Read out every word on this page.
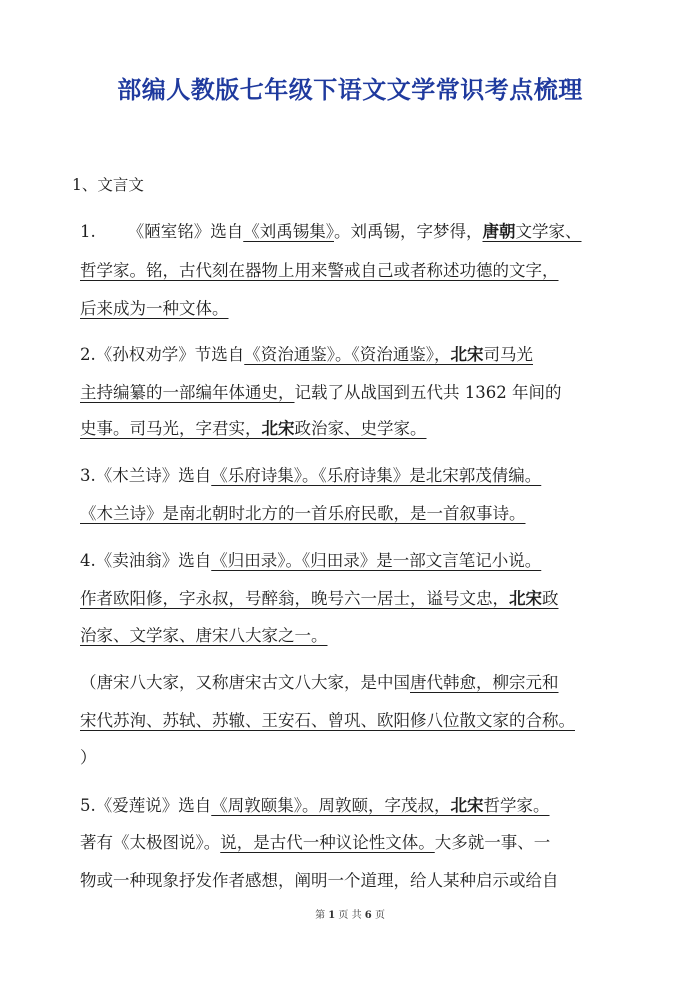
部编人教版七年级下语文文学常识考点梳理
1、文言文
1. 《陋室铭》选自《刘禹锡集》。刘禹锡，字梦得，唐朝文学家、
哲学家。铭，古代刻在器物上用来警戒自己或者称述功德的文字，
后来成为一种文体。
2.《孙权劝学》节选自《资治通鉴》。《资治通鉴》，北宋司马光
主持编纂的一部编年体通史，记载了从战国到五代共 1362 年间的
史事。司马光，字君实，北宋政治家、史学家。
3.《木兰诗》选自《乐府诗集》。《乐府诗集》是北宋郭茂倩编。
《木兰诗》是南北朝时北方的一首乐府民歌，是一首叙事诗。
4.《卖油翁》选自《归田录》。《归田录》是一部文言笔记小说。
作者欧阳修，字永叔，号醉翁，晚号六一居士，谥号文忠，北宋政
治家、文学家、唐宋八大家之一。
（唐宋八大家，又称唐宋古文八大家，是中国唐代韩愈，柳宗元和
宋代苏洵、苏轼、苏辙、王安石、曾巩、欧阳修八位散文家的合称。
）
5.《爱莲说》选自《周敦颐集》。周敦颐，字茂叔，北宋哲学家。
著有《太极图说》。说，是古代一种议论性文体。大多就一事、一
物或一种现象抒发作者感想，阐明一个道理，给人某种启示或给自
第 1 页 共 6 页
